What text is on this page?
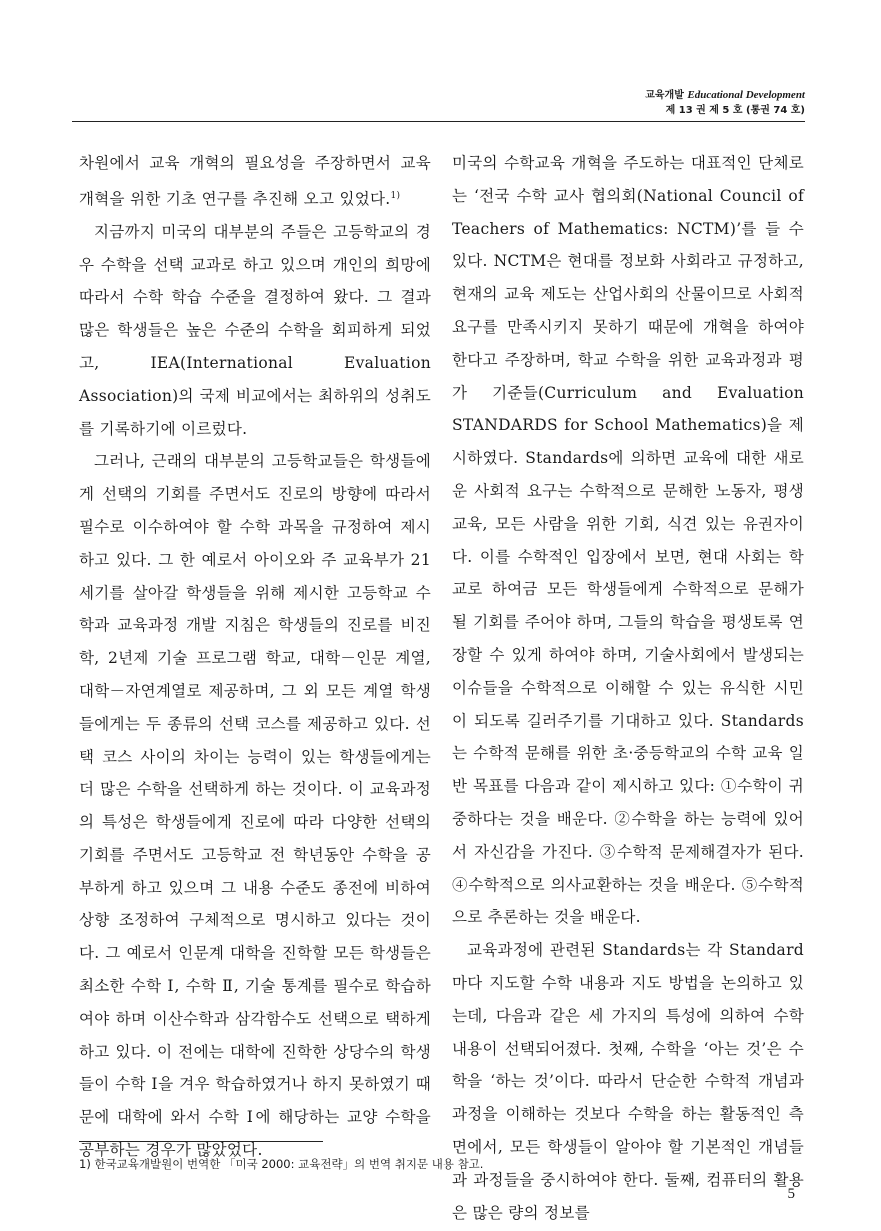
교육개발 Educational Development
제 13 권 제 5 호 (통권 74 호)

차원에서 교육 개혁의 필요성을 주장하면서 교육 개혁을 위한 기초 연구를 추진해 오고 있었다.$^{1)}$

지금까지 미국의 대부분의 주들은 고등학교의 경우 수학을 선택 교과로 하고 있으며 개인의 희망에 따라서 수학 학습 수준을 결정하여 왔다. 그 결과 많은 학생들은 높은 수준의 수학을 회피하게 되었고, IEA(International Evaluation Association)의 국제 비교에서는 최하위의 성취도를 기록하기에 이르렀다.

그러나, 근래의 대부분의 고등학교들은 학생들에게 선택의 기회를 주면서도 진로의 방향에 따라서 필수로 이수하여야 할 수학 과목을 규정하여 제시하고 있다. 그 한 예로서 아이오와 주 교육부가 21세기를 살아갈 학생들을 위해 제시한 고등학교 수학과 교육과정 개발 지침은 학생들의 진로를 비진학, 2년제 기술 프로그램 학교, 대학－인문 계열, 대학－자연계열로 제공하며, 그 외 모든 계열 학생들에게는 두 종류의 선택 코스를 제공하고 있다. 선택 코스 사이의 차이는 능력이 있는 학생들에게는 더 많은 수학을 선택하게 하는 것이다. 이 교육과정의 특성은 학생들에게 진로에 따라 다양한 선택의 기회를 주면서도 고등학교 전 학년동안 수학을 공부하게 하고 있으며 그 내용 수준도 종전에 비하여 상향 조정하여 구체적으로 명시하고 있다는 것이다. 그 예로서 인문계 대학을 진학할 모든 학생들은 최소한 수학 Ⅰ, 수학 Ⅱ, 기술 통계를 필수로 학습하여야 하며 이산수학과 삼각함수도 선택으로 택하게 하고 있다. 이 전에는 대학에 진학한 상당수의 학생들이 수학 Ⅰ을 겨우 학습하였거나 하지 못하였기 때문에 대학에 와서 수학 Ⅰ에 해당하는 교양 수학을 공부하는 경우가 많았었다.

미국의 수학교육 개혁을 주도하는 대표적인 단체로는 ‘전국 수학 교사 협의회(National Council of Teachers of Mathematics: NCTM)’를 들 수 있다. NCTM은 현대를 정보화 사회라고 규정하고, 현재의 교육 제도는 산업사회의 산물이므로 사회적 요구를 만족시키지 못하기 때문에 개혁을 하여야 한다고 주장하며, 학교 수학을 위한 교육과정과 평가 기준들(Curriculum and Evaluation STANDARDS for School Mathematics)을 제시하였다. Standards에 의하면 교육에 대한 새로운 사회적 요구는 수학적으로 문해한 노동자, 평생교육, 모든 사람을 위한 기회, 식견 있는 유권자이다. 이를 수학적인 입장에서 보면, 현대 사회는 학교로 하여금 모든 학생들에게 수학적으로 문해가 될 기회를 주어야 하며, 그들의 학습을 평생토록 연장할 수 있게 하여야 하며, 기술사회에서 발생되는 이슈들을 수학적으로 이해할 수 있는 유식한 시민이 되도록 길러주기를 기대하고 있다. Standards는 수학적 문해를 위한 초·중등학교의 수학 교육 일반 목표를 다음과 같이 제시하고 있다: ①수학이 귀중하다는 것을 배운다. ②수학을 하는 능력에 있어서 자신감을 가진다. ③수학적 문제해결자가 된다. ④수학적으로 의사교환하는 것을 배운다. ⑤수학적으로 추론하는 것을 배운다.

교육과정에 관련된 Standards는 각 Standard마다 지도할 수학 내용과 지도 방법을 논의하고 있는데, 다음과 같은 세 가지의 특성에 의하여 수학 내용이 선택되어졌다. 첫째, 수학을 ‘아는 것’은 수학을 ‘하는 것’이다. 따라서 단순한 수학적 개념과 과정을 이해하는 것보다 수학을 하는 활동적인 측면에서, 모든 학생들이 알아야 할 기본적인 개념들과 과정들을 중시하여야 한다. 둘째, 컴퓨터의 활용은 많은 량의 정보를

1) 한국교육개발원이 번역한 「미국 2000: 교육전략」의 번역 취지문 내용 참고.
5
